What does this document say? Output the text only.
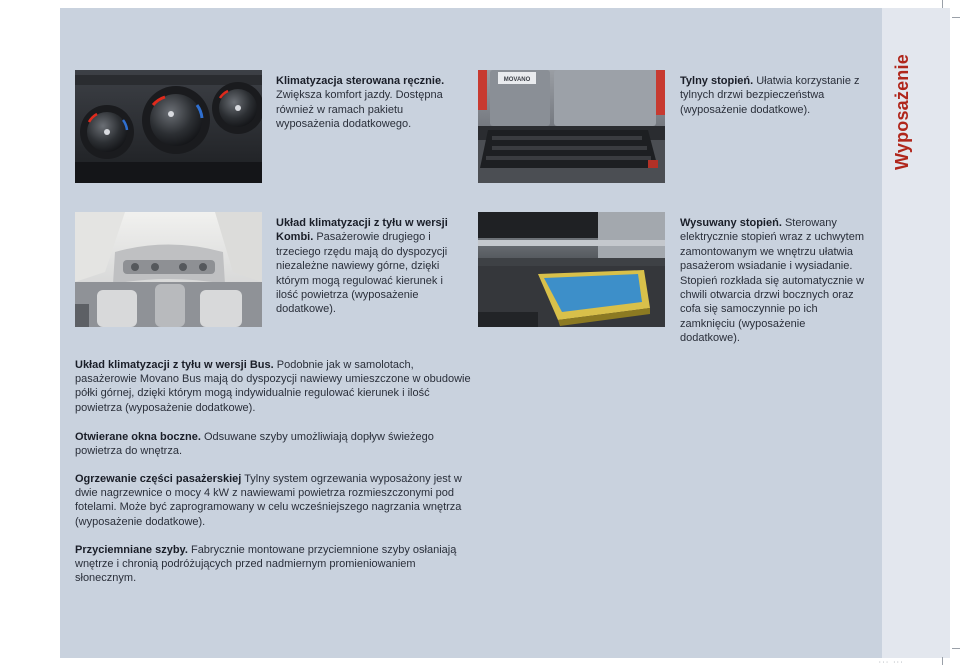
Wyposażenie
··· ···
Klimatyzacja sterowana ręcznie. Zwiększa komfort jazdy. Dostępna również w ramach pakietu wyposażenia dodatkowego.
MOVANO	Tylny stopień. Ułatwia korzystanie z tylnych drzwi bezpieczeństwa (wyposażenie dodatkowe).
Układ klimatyzacji z tyłu w wersji Kombi. Pasażerowie drugiego i trzeciego rzędu mają do dyspozycji niezależne nawiewy górne, dzięki którym mogą regulować kierunek i ilość powietrza (wyposażenie dodatkowe).
Wysuwany stopień. Sterowany elektrycznie stopień wraz z uchwytem zamontowanym we wnętrzu ułatwia pasażerom wsiadanie i wysiadanie. Stopień rozkłada się automatycznie w chwili otwarcia drzwi bocznych oraz cofa się samoczynnie po ich zamknięciu (wyposażenie dodatkowe).
Układ klimatyzacji z tyłu w wersji Bus. Podobnie jak w samolotach, pasażerowie Movano Bus mają do dyspozycji nawiewy umieszczone w obudowie półki górnej, dzięki którym mogą indywidualnie regulować kierunek i ilość powietrza (wyposażenie dodatkowe).
Otwierane okna boczne. Odsuwane szyby umożliwiają dopływ świeżego powietrza do wnętrza.
Ogrzewanie części pasażerskiej Tylny system ogrzewania wyposażony jest w dwie nagrzewnice o mocy 4 kW z nawiewami powietrza rozmieszczonymi pod fotelami. Może być zaprogramowany w celu wcześniejszego nagrzania wnętrza (wyposażenie dodatkowe).
Przyciemniane szyby. Fabrycznie montowane przyciemnione szyby osłaniają wnętrze i chronią podróżujących przed nadmiernym promieniowaniem słonecznym.
